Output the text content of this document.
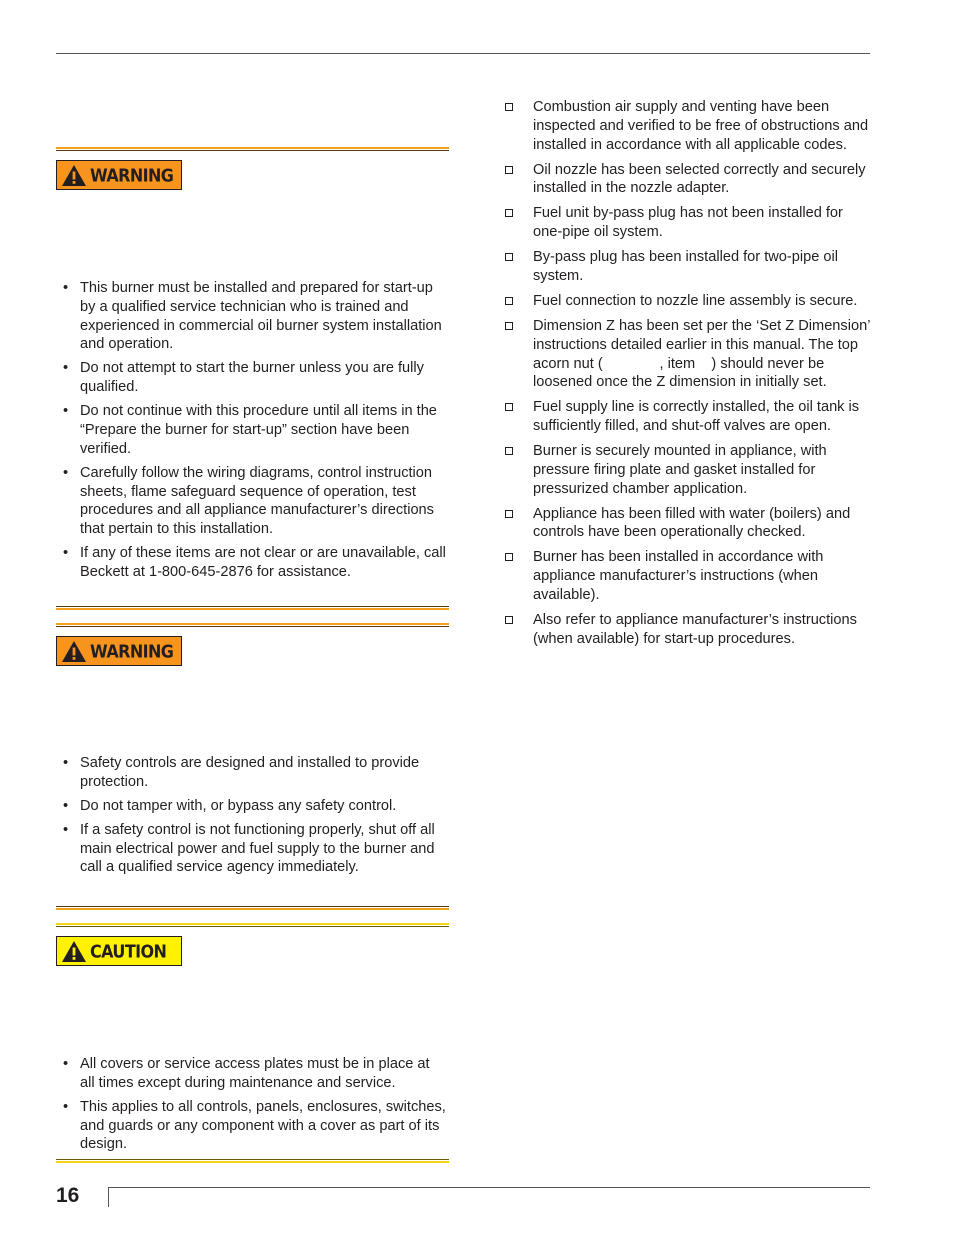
WARNING
• This burner must be installed and prepared for start-up by a qualified service technician who is trained and experienced in commercial oil burner system installation and operation.
• Do not attempt to start the burner unless you are fully qualified.
• Do not continue with this procedure until all items in the “Prepare the burner for start-up” section have been verified.
• Carefully follow the wiring diagrams, control instruction sheets, flame safeguard sequence of operation, test procedures and all appliance manufacturer’s directions that pertain to this installation.
• If any of these items are not clear or are unavailable, call Beckett at 1-800-645-2876 for assistance.
WARNING
• Safety controls are designed and installed to provide protection.
• Do not tamper with, or bypass any safety control.
• If a safety control is not functioning properly, shut off all main electrical power and fuel supply to the burner and call a qualified service agency immediately.
CAUTION
• All covers or service access plates must be in place at all times except during maintenance and service.
• This applies to all controls, panels, enclosures, switches, and guards or any component with a cover as part of its design.
Combustion air supply and venting have been inspected and verified to be free of obstructions and installed in accordance with all applicable codes.
Oil nozzle has been selected correctly and securely installed in the nozzle adapter.
Fuel unit by-pass plug has not been installed for one-pipe oil system.
By-pass plug has been installed for two-pipe oil system.
Fuel connection to nozzle line assembly is secure.
Dimension Z has been set per the ‘Set Z Dimension’ instructions detailed earlier in this manual. The top acorn nut (              , item    ) should never be loosened once the Z dimension in initially set.
Fuel supply line is correctly installed, the oil tank is sufficiently filled, and shut-off valves are open.
Burner is securely mounted in appliance, with pressure firing plate and gasket installed for pressurized chamber application.
Appliance has been filled with water (boilers) and controls have been operationally checked.
Burner has been installed in accordance with appliance manufacturer’s instructions (when available).
Also refer to appliance manufacturer’s instructions (when available) for start-up procedures.
16
